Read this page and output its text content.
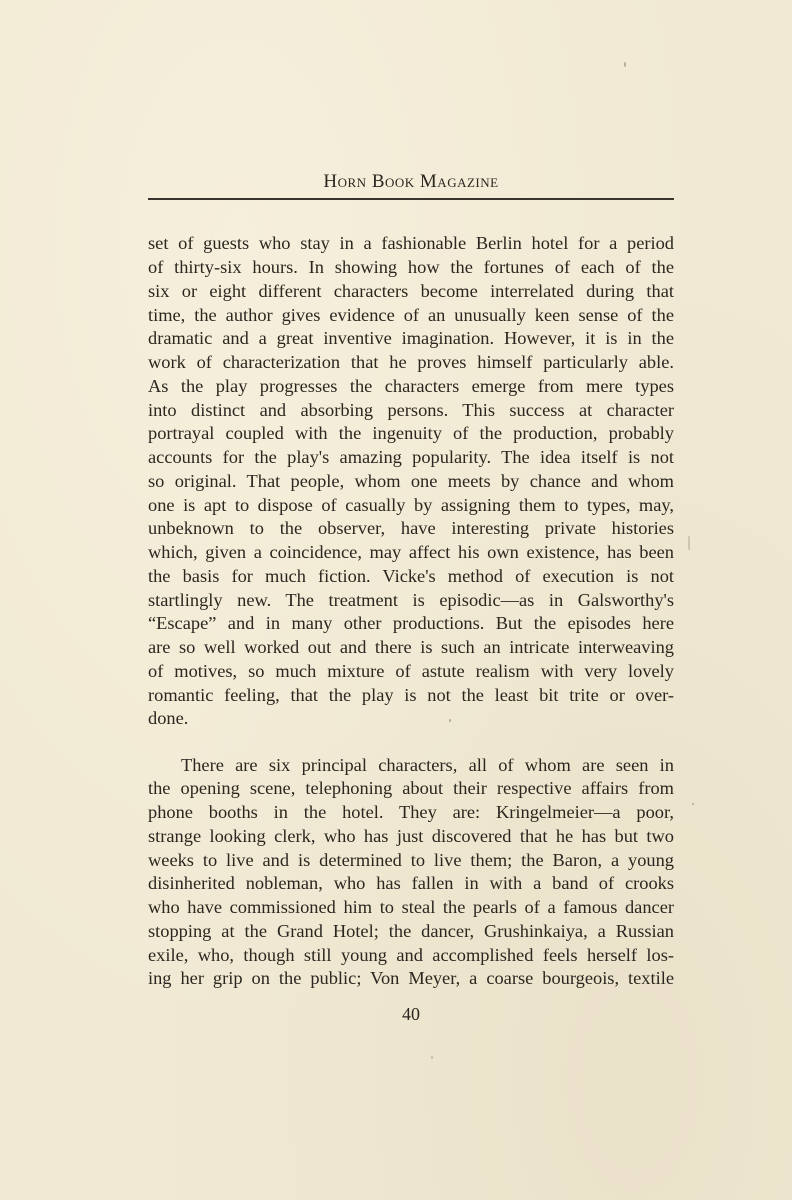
Horn Book Magazine
set of guests who stay in a fashionable Berlin hotel for a period
of thirty-six hours. In showing how the fortunes of each of the
six or eight different characters become interrelated during that
time, the author gives evidence of an unusually keen sense of the
dramatic and a great inventive imagination. However, it is in the
work of characterization that he proves himself particularly able.
As the play progresses the characters emerge from mere types
into distinct and absorbing persons. This success at character
portrayal coupled with the ingenuity of the production, probably
accounts for the play's amazing popularity. The idea itself is not
so original. That people, whom one meets by chance and whom
one is apt to dispose of casually by assigning them to types, may,
unbeknown to the observer, have interesting private histories
which, given a coincidence, may affect his own existence, has been
the basis for much fiction. Vicke's method of execution is not
startlingly new. The treatment is episodic—as in Galsworthy's
“Escape” and in many other productions. But the episodes here
are so well worked out and there is such an intricate interweaving
of motives, so much mixture of astute realism with very lovely
romantic feeling, that the play is not the least bit trite or over-
done.
There are six principal characters, all of whom are seen in
the opening scene, telephoning about their respective affairs from
phone booths in the hotel. They are: Kringelmeier—a poor,
strange looking clerk, who has just discovered that he has but two
weeks to live and is determined to live them; the Baron, a young
disinherited nobleman, who has fallen in with a band of crooks
who have commissioned him to steal the pearls of a famous dancer
stopping at the Grand Hotel; the dancer, Grushinkaiya, a Russian
exile, who, though still young and accomplished feels herself los-
ing her grip on the public; Von Meyer, a coarse bourgeois, textile
40
